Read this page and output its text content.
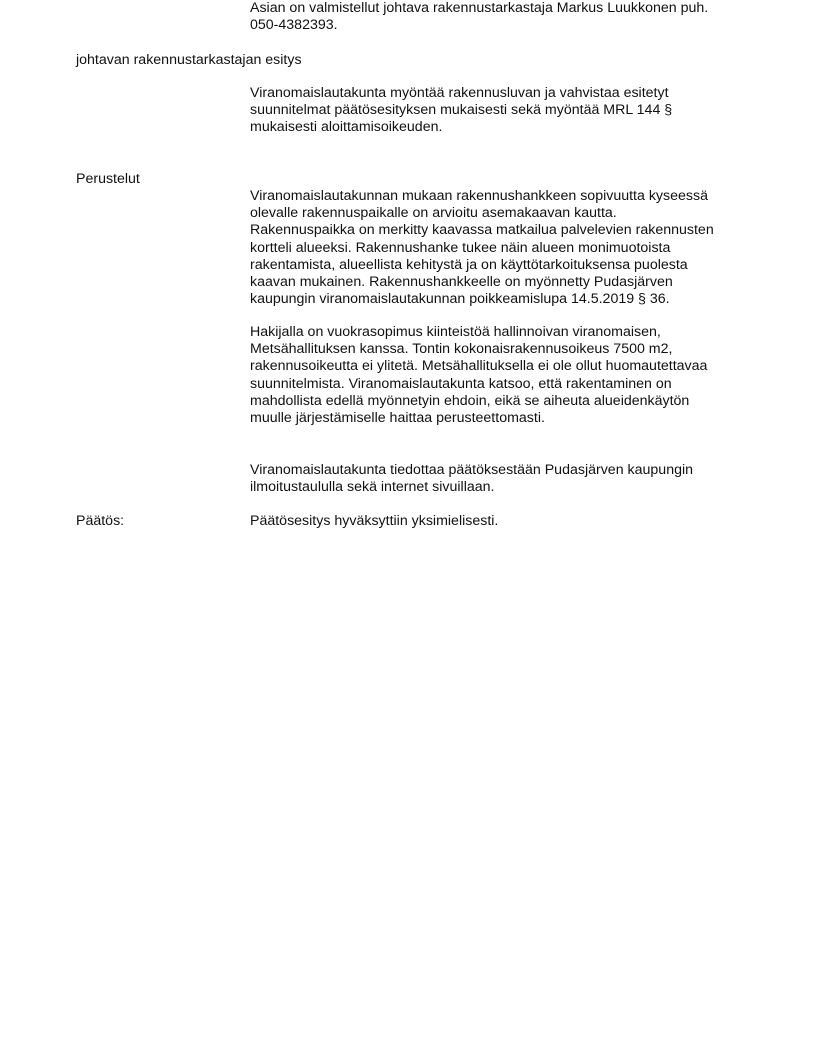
Asian on valmistellut johtava rakennustarkastaja Markus Luukkonen puh.
050-4382393.
johtavan rakennustarkastajan esitys
Viranomaislautakunta myöntää rakennusluvan ja vahvistaa esitetyt
suunnitelmat päätösesityksen mukaisesti sekä myöntää MRL 144 §
mukaisesti aloittamisoikeuden.
Perustelut
Viranomaislautakunnan mukaan rakennushankkeen sopivuutta kyseessä
olevalle rakennuspaikalle on arvioitu asemakaavan kautta.
Rakennuspaikka on merkitty kaavassa matkailua palvelevien rakennusten
kortteli alueeksi. Rakennushanke tukee näin alueen monimuotoista
rakentamista, alueellista kehitystä ja on käyttötarkoituksensa puolesta
kaavan mukainen. Rakennushankkeelle on myönnetty Pudasjärven
kaupungin viranomaislautakunnan poikkeamislupa 14.5.2019 § 36.
Hakijalla on vuokrasopimus kiinteistöä hallinnoivan viranomaisen,
Metsähallituksen kanssa. Tontin kokonaisrakennusoikeus 7500 m2,
rakennusoikeutta ei ylitetä. Metsähallituksella ei ole ollut huomautettavaa
suunnitelmista. Viranomaislautakunta katsoo, että rakentaminen on
mahdollista edellä myönnetyin ehdoin, eikä se aiheuta alueidenkäytön
muulle järjestämiselle haittaa perusteettomasti.
Viranomaislautakunta tiedottaa päätöksestään Pudasjärven kaupungin
ilmoitustaululla sekä internet sivuillaan.
Päätös:	Päätösesitys hyväksyttiin yksimielisesti.
